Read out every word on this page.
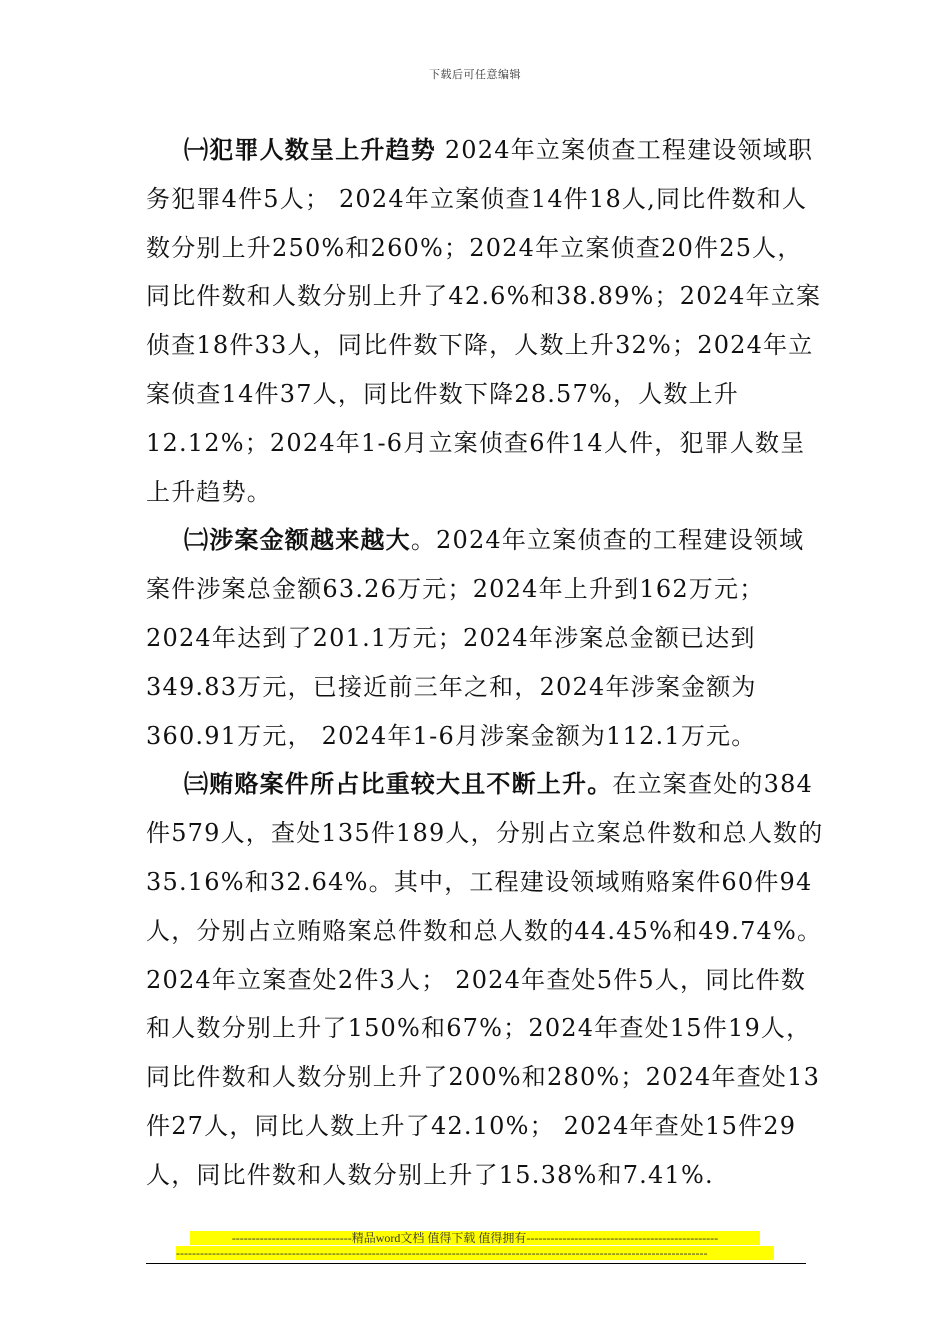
下载后可任意编辑

㈠犯罪人数呈上升趋势 2024年立案侦查工程建设领域职务犯罪4件5人； 2024年立案侦查14件18人,同比件数和人数分别上升250%和260%；2024年立案侦查20件25人，同比件数和人数分别上升了42.6%和38.89%；2024年立案侦查18件33人，同比件数下降，人数上升32%；2024年立案侦查14件37人，同比件数下降28.57%，人数上升12.12%；2024年1-6月立案侦查6件14人件，犯罪人数呈上升趋势。

㈡涉案金额越来越大。2024年立案侦查的工程建设领域案件涉案总金额63.26万元；2024年上升到162万元；2024年达到了201.1万元；2024年涉案总金额已达到349.83万元，已接近前三年之和，2024年涉案金额为360.91万元， 2024年1-6月涉案金额为112.1万元。

㈢贿赂案件所占比重较大且不断上升。在立案查处的384件579人，查处135件189人，分别占立案总件数和总人数的35.16%和32.64%。其中，工程建设领域贿赂案件60件94人，分别占立贿赂案总件数和总人数的44.45%和49.74%。2024年立案查处2件3人； 2024年查处5件5人，同比件数和人数分别上升了150%和67%；2024年查处15件19人，同比件数和人数分别上升了200%和280%；2024年查处13件27人，同比人数上升了42.10%； 2024年查处15件29人，同比件数和人数分别上升了15.38%和7.41%.

------------------------------精品word文档 值得下载 值得拥有------------------------------------------------
-------------------------------------------------------------------------------------------------------------------------------------
